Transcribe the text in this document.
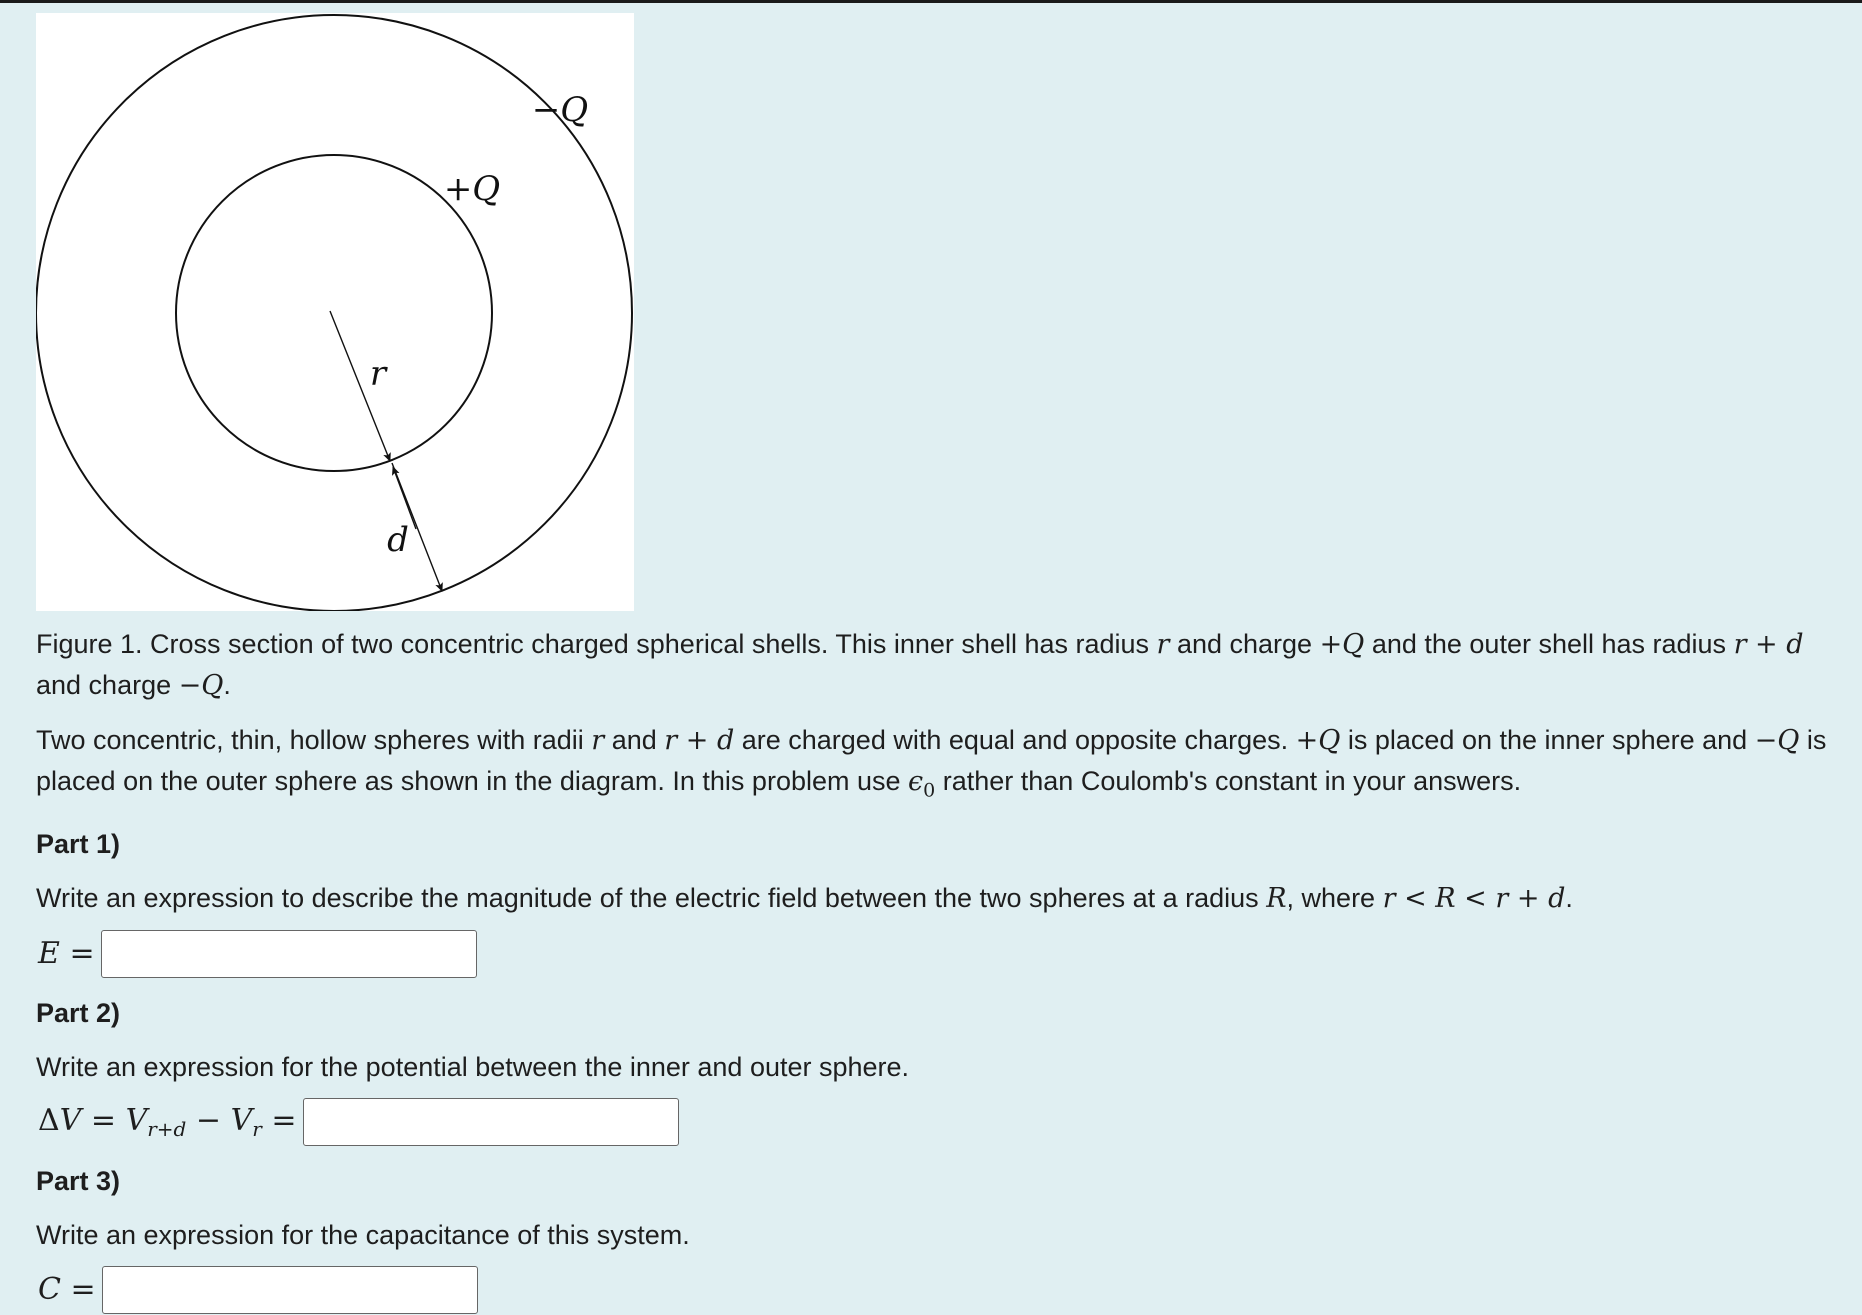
−Q
+Q
r
d

Figure 1. Cross section of two concentric charged spherical shells. This inner shell has radius r and charge +Q and the outer shell has radius r + d and charge −Q.

Two concentric, thin, hollow spheres with radii r and r + d are charged with equal and opposite charges. +Q is placed on the inner sphere and −Q is placed on the outer sphere as shown in the diagram. In this problem use $\epsilon_0$ rather than Coulomb's constant in your answers.

Part 1)

Write an expression to describe the magnitude of the electric field between the two spheres at a radius R, where r < R < r + d.

E =

Part 2)

Write an expression for the potential between the inner and outer sphere.

$\Delta V = V_{r+d} - V_r$ =

Part 3)

Write an expression for the capacitance of this system.

C =
